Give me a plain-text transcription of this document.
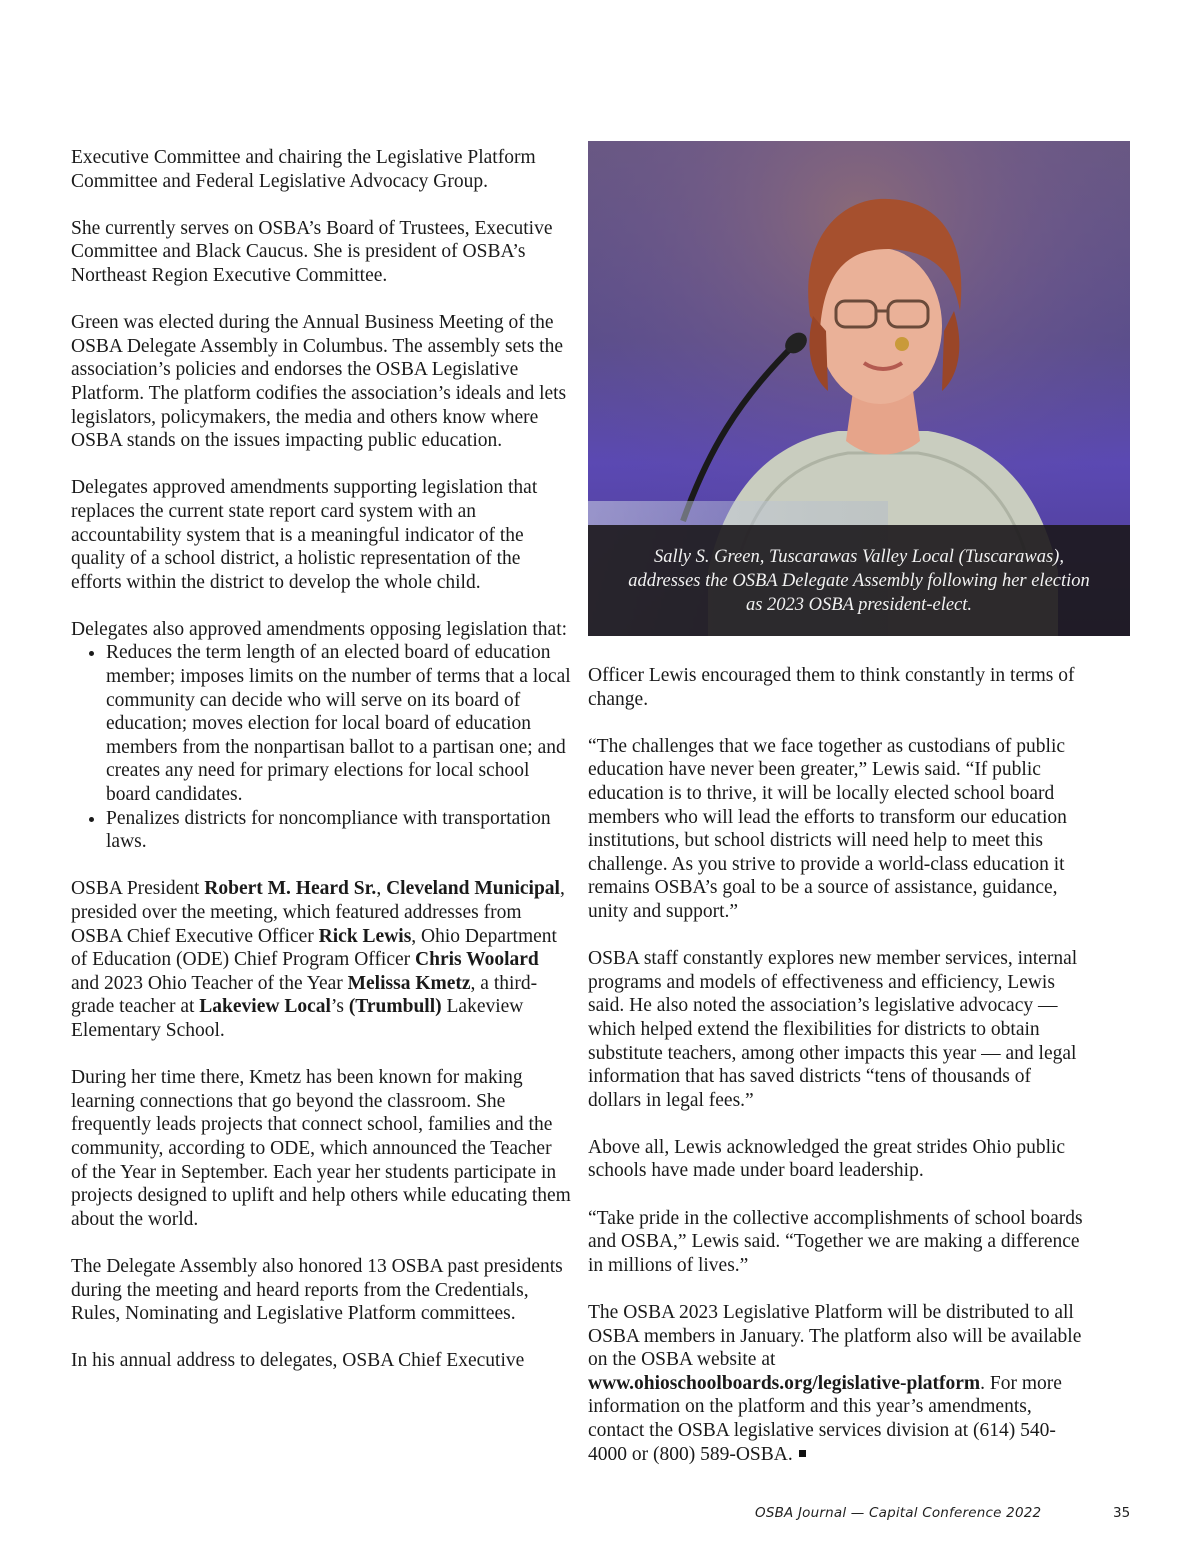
Executive Committee and chairing the Legislative Platform Committee and Federal Legislative Advocacy Group.

She currently serves on OSBA’s Board of Trustees, Executive Committee and Black Caucus. She is president of OSBA’s Northeast Region Executive Committee.

Green was elected during the Annual Business Meeting of the OSBA Delegate Assembly in Columbus. The assembly sets the association’s policies and endorses the OSBA Legislative Platform. The platform codifies the association’s ideals and lets legislators, policymakers, the media and others know where OSBA stands on the issues impacting public education.

Delegates approved amendments supporting legislation that replaces the current state report card system with an accountability system that is a meaningful indicator of the quality of a school district, a holistic representation of the efforts within the district to develop the whole child.

Delegates also approved amendments opposing legislation that:

• Reduces the term length of an elected board of education member; imposes limits on the number of terms that a local community can decide who will serve on its board of education; moves election for local board of education members from the nonpartisan ballot to a partisan one; and creates any need for primary elections for local school board candidates.
• Penalizes districts for noncompliance with transportation laws.

OSBA President Robert M. Heard Sr., Cleveland Municipal, presided over the meeting, which featured addresses from OSBA Chief Executive Officer Rick Lewis, Ohio Department of Education (ODE) Chief Program Officer Chris Woolard and 2023 Ohio Teacher of the Year Melissa Kmetz, a third-grade teacher at Lakeview Local’s (Trumbull) Lakeview Elementary School.

During her time there, Kmetz has been known for making learning connections that go beyond the classroom. She frequently leads projects that connect school, families and the community, according to ODE, which announced the Teacher of the Year in September. Each year her students participate in projects designed to uplift and help others while educating them about the world.

The Delegate Assembly also honored 13 OSBA past presidents during the meeting and heard reports from the Credentials, Rules, Nominating and Legislative Platform committees.

In his annual address to delegates, OSBA Chief Executive

Sally S. Green, Tuscarawas Valley Local (Tuscarawas), addresses the OSBA Delegate Assembly following her election as 2023 OSBA president-elect.

Officer Lewis encouraged them to think constantly in terms of change.

“The challenges that we face together as custodians of public education have never been greater,” Lewis said. “If public education is to thrive, it will be locally elected school board members who will lead the efforts to transform our education institutions, but school districts will need help to meet this challenge. As you strive to provide a world-class education it remains OSBA’s goal to be a source of assistance, guidance, unity and support.”

OSBA staff constantly explores new member services, internal programs and models of effectiveness and efficiency, Lewis said. He also noted the association’s legislative advocacy — which helped extend the flexibilities for districts to obtain substitute teachers, among other impacts this year — and legal information that has saved districts “tens of thousands of dollars in legal fees.”

Above all, Lewis acknowledged the great strides Ohio public schools have made under board leadership.

“Take pride in the collective accomplishments of school boards and OSBA,” Lewis said. “Together we are making a difference in millions of lives.”

The OSBA 2023 Legislative Platform will be distributed to all OSBA members in January. The platform also will be available on the OSBA website at www.ohioschoolboards.org/legislative-platform. For more information on the platform and this year’s amendments, contact the OSBA legislative services division at (614) 540-4000 or (800) 589-OSBA.

OSBA Journal — Capital Conference 2022	35
